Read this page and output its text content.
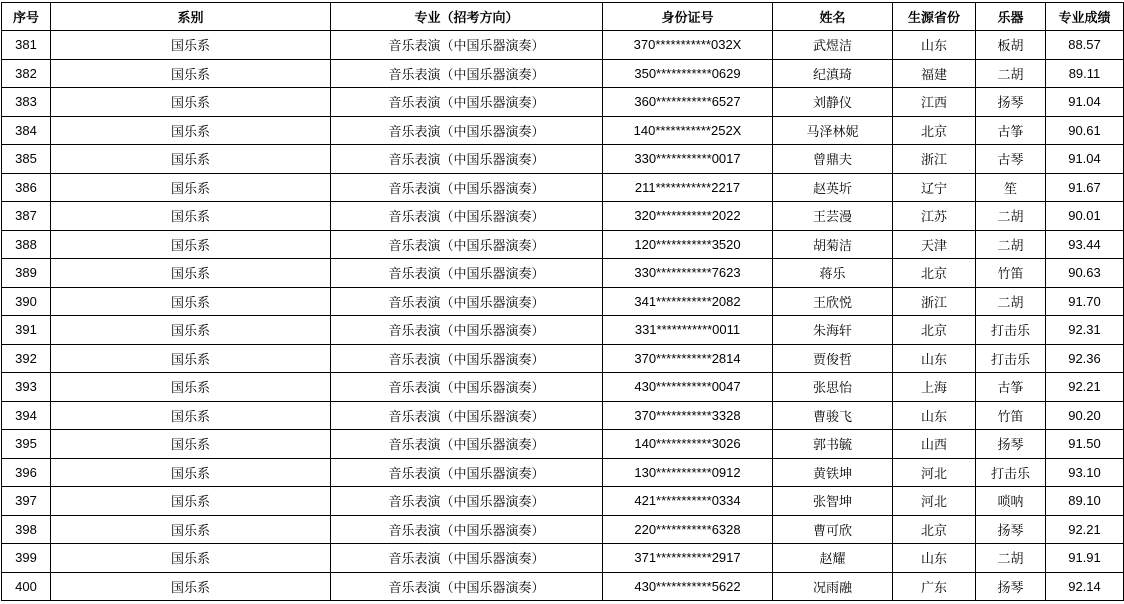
序号	系别	专业（招考方向）	身份证号	姓名	生源省份	乐器	专业成绩
381	国乐系	音乐表演（中国乐器演奏）	370***********032X	武煜洁	山东	板胡	88.57
382	国乐系	音乐表演（中国乐器演奏）	350***********0629	纪滇琦	福建	二胡	89.11
383	国乐系	音乐表演（中国乐器演奏）	360***********6527	刘静仪	江西	扬琴	91.04
384	国乐系	音乐表演（中国乐器演奏）	140***********252X	马泽林妮	北京	古筝	90.61
385	国乐系	音乐表演（中国乐器演奏）	330***********0017	曾鼎夫	浙江	古琴	91.04
386	国乐系	音乐表演（中国乐器演奏）	211***********2217	赵英圻	辽宁	笙	91.67
387	国乐系	音乐表演（中国乐器演奏）	320***********2022	王芸漫	江苏	二胡	90.01
388	国乐系	音乐表演（中国乐器演奏）	120***********3520	胡菊洁	天津	二胡	93.44
389	国乐系	音乐表演（中国乐器演奏）	330***********7623	蒋乐	北京	竹笛	90.63
390	国乐系	音乐表演（中国乐器演奏）	341***********2082	王欣悦	浙江	二胡	91.70
391	国乐系	音乐表演（中国乐器演奏）	331***********0011	朱海轩	北京	打击乐	92.31
392	国乐系	音乐表演（中国乐器演奏）	370***********2814	贾俊哲	山东	打击乐	92.36
393	国乐系	音乐表演（中国乐器演奏）	430***********0047	张思怡	上海	古筝	92.21
394	国乐系	音乐表演（中国乐器演奏）	370***********3328	曹骏飞	山东	竹笛	90.20
395	国乐系	音乐表演（中国乐器演奏）	140***********3026	郭书毓	山西	扬琴	91.50
396	国乐系	音乐表演（中国乐器演奏）	130***********0912	黄铁坤	河北	打击乐	93.10
397	国乐系	音乐表演（中国乐器演奏）	421***********0334	张智坤	河北	唢呐	89.10
398	国乐系	音乐表演（中国乐器演奏）	220***********6328	曹可欣	北京	扬琴	92.21
399	国乐系	音乐表演（中国乐器演奏）	371***********2917	赵耀	山东	二胡	91.91
400	国乐系	音乐表演（中国乐器演奏）	430***********5622	况雨融	广东	扬琴	92.14
